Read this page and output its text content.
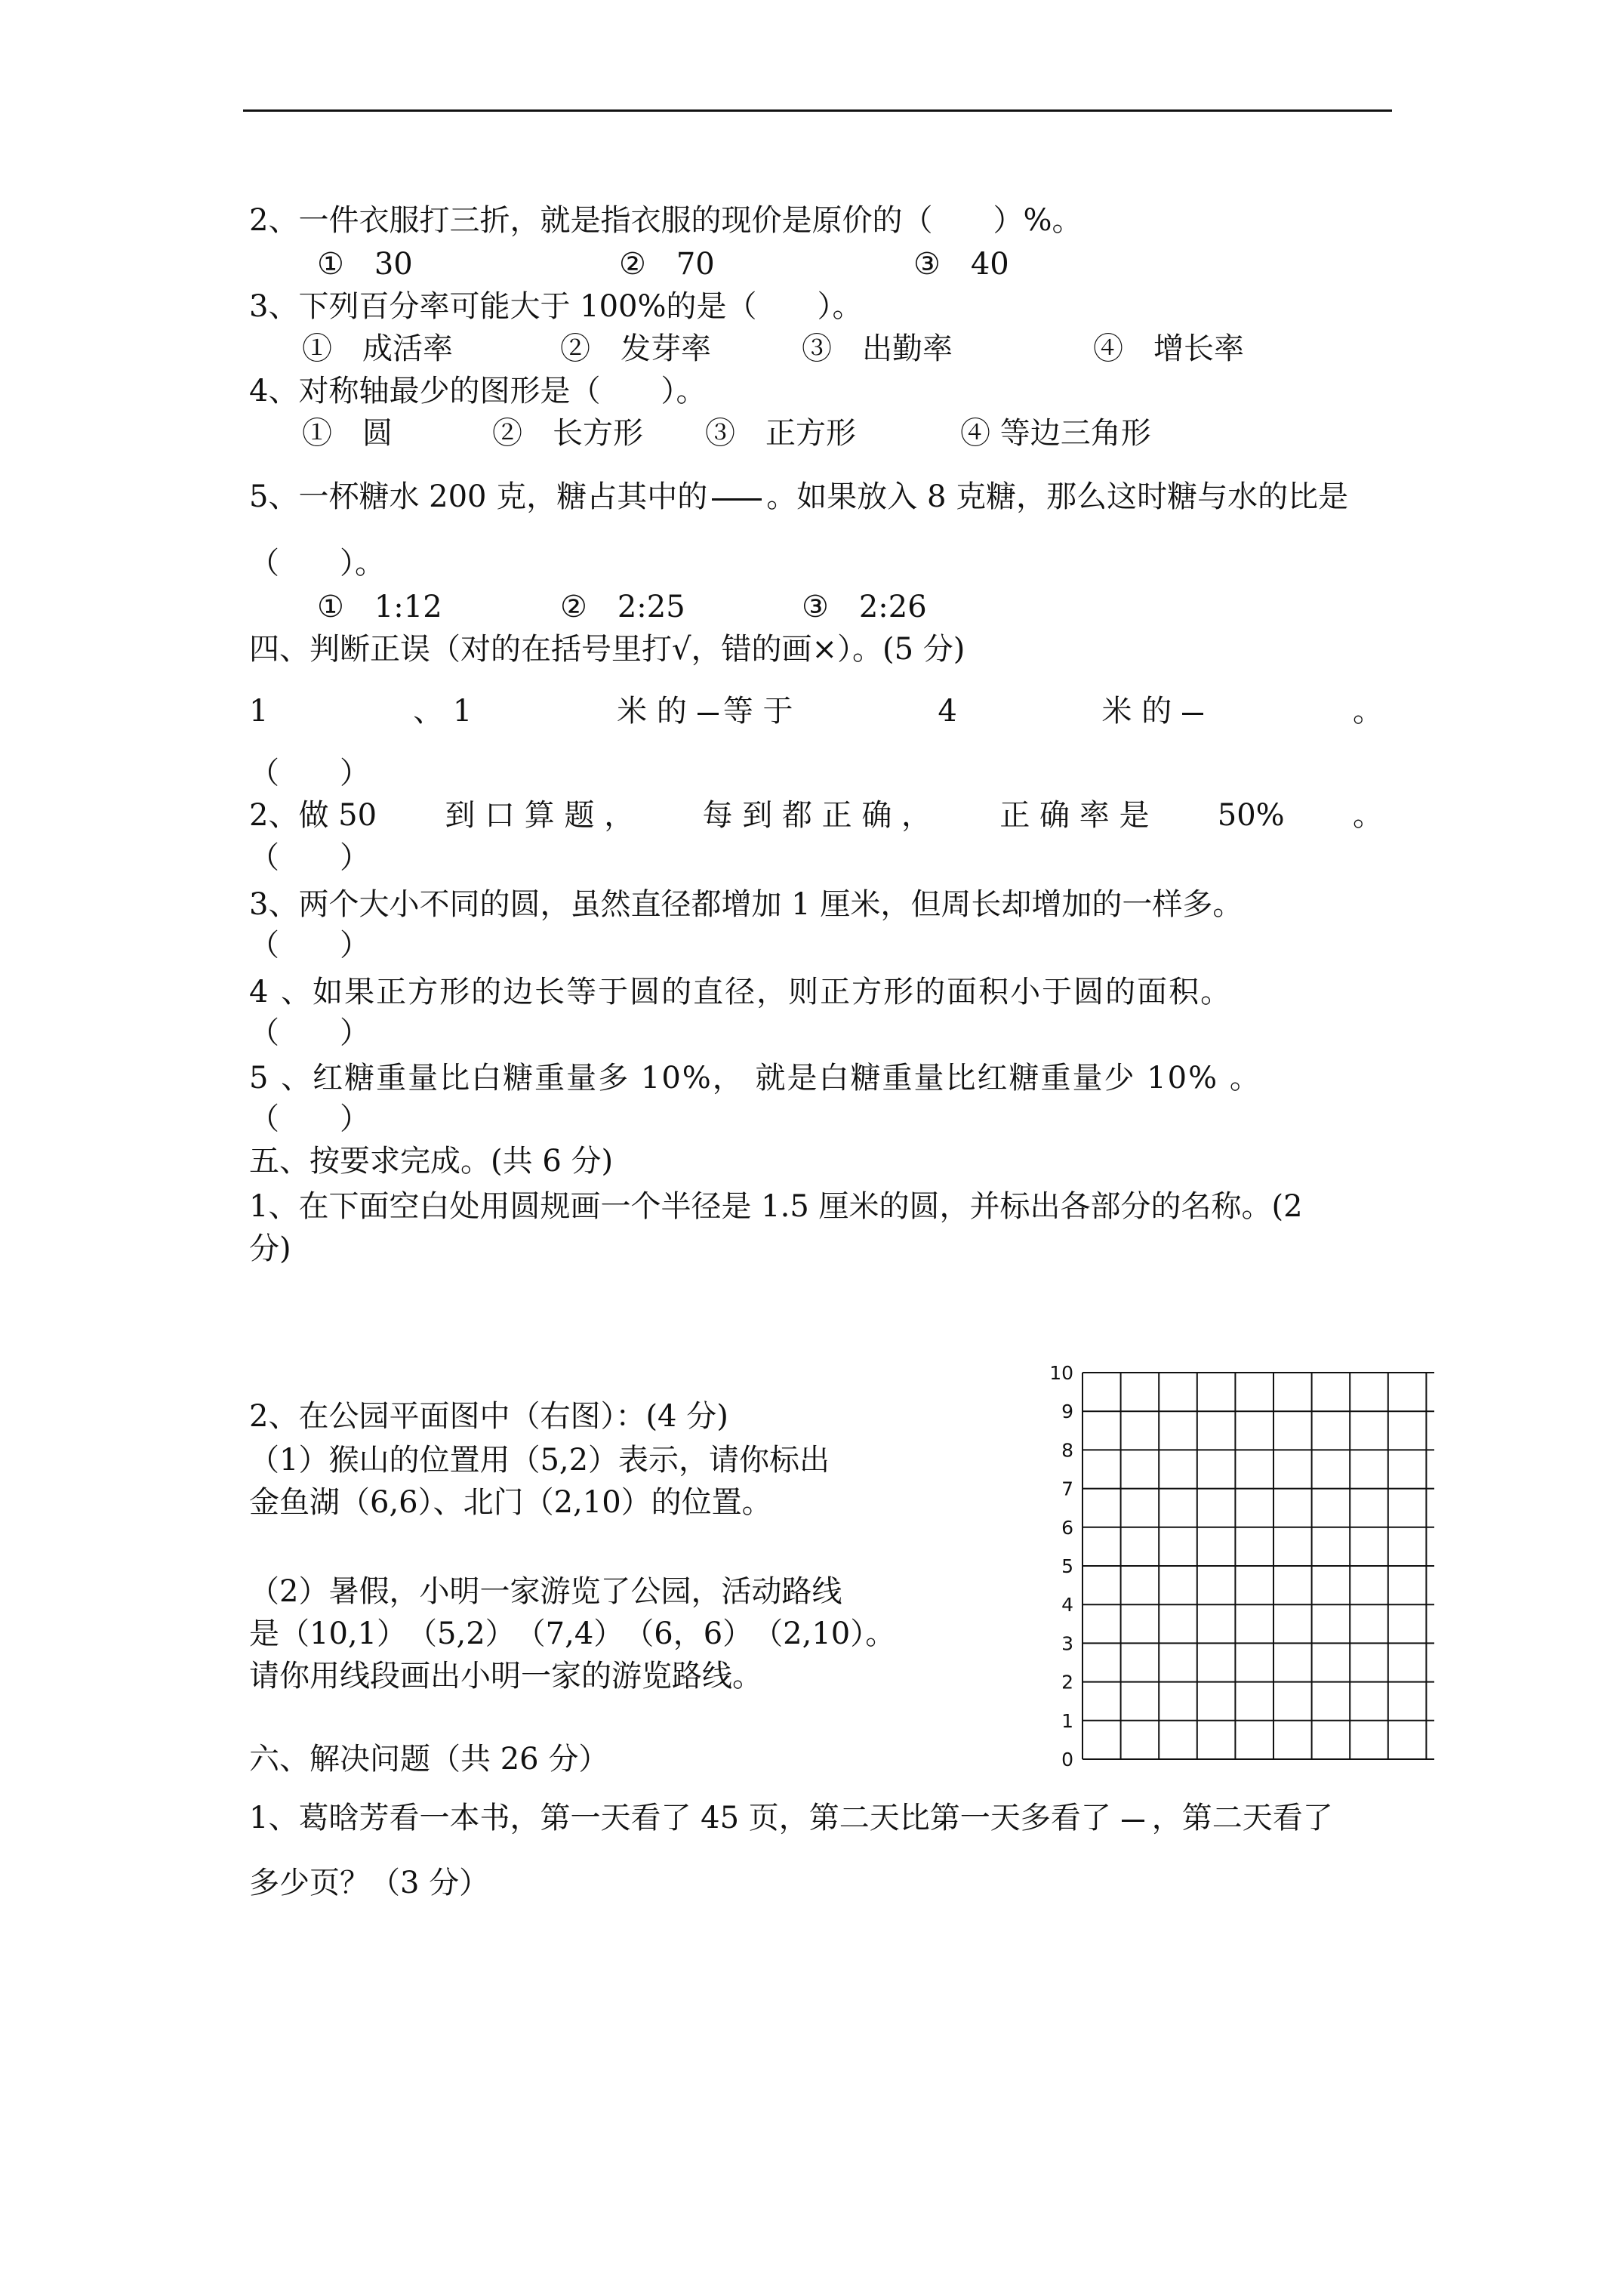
2、一件衣服打三折，就是指衣服的现价是原价的（　　）%。
①　30	②　70	③　40
3、下列百分率可能大于 100%的是（　　）。
①　成活率	②　发芽率	③　出勤率	④　增长率
4、对称轴最少的图形是（　　）。
①　圆	②　长方形 ③　正方形	④ 等边三角形
5、一杯糖水 200 克，糖占其中的 。如果放入 8 克糖，那么这时糖与水的比是
（　　）。
①　1:12	②　2:25	③　2:26
四、判断正误（对的在括号里打√，错的画×）。(5 分)
1	、 1	米 的 等 于	4	米 的	。
（　　）
2、做 50 到 口 算 题 ， 每 到 都 正 确 ， 正 确 率 是 50% 。
（　　）
3、两个大小不同的圆，虽然直径都增加 1 厘米，但周长却增加的一样多。
（　　）
4 、如果正方形的边长等于圆的直径，则正方形的面积小于圆的面积。
（　　）
5 、红糖重量比白糖重量多 10%， 就是白糖重量比红糖重量少 10% 。
（　　）
五、按要求完成。(共 6 分)
1、在下面空白处用圆规画一个半径是 1.5 厘米的圆，并标出各部分的名称。(2
分)
2、在公园平面图中（右图）：(4 分)
（1）猴山的位置用（5,2）表示，请你标出
金鱼湖（6,6）、北门（2,10）的位置。
（2）暑假，小明一家游览了公园，活动路线
是（10,1）　（5,2）　（7,4）　（6，6）　（2,10）。
请你用线段画出小明一家的游览路线。
10
9
8
7
6
5
4
3
2
1
0
六、解决问题（共 26 分）
1、葛晗芳看一本书，第一天看了 45 页，第二天比第一天多看了 ，第二天看了
多少页？（3 分）
